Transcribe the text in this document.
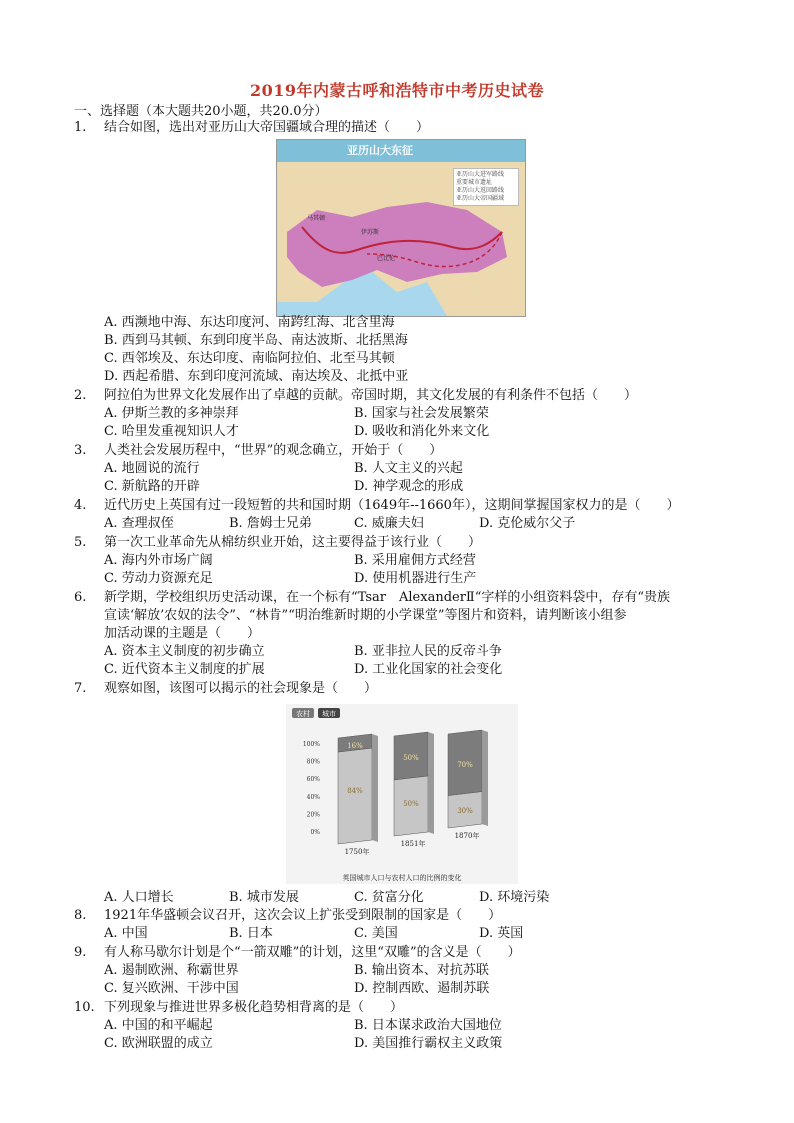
2019年内蒙古呼和浩特市中考历史试卷
一、选择题（本大题共20小题，共20.0分）
1. 结合如图，选出对亚历山大帝国疆域合理的描述（　　）
亚历山大东征
马其顿
伊苏斯
巴比伦
亚历山大进军路线
重要城市遗址
亚历山大返回路线
亚历山大帝国疆域
A. 西濒地中海、东达印度河、南跨红海、北含里海
B. 西到马其顿、东到印度半岛、南达波斯、北括黑海
C. 西邻埃及、东达印度、南临阿拉伯、北至马其顿
D. 西起希腊、东到印度河流域、南达埃及、北抵中亚
2. 阿拉伯为世界文化发展作出了卓越的贡献。帝国时期，其文化发展的有利条件不包括（　　）
A. 伊斯兰教的多神崇拜	B. 国家与社会发展繁荣
C. 哈里发重视知识人才	D. 吸收和消化外来文化
3. 人类社会发展历程中，“世界”的观念确立，开始于（　　）
A. 地圆说的流行	B. 人文主义的兴起
C. 新航路的开辟	D. 神学观念的形成
4. 近代历史上英国有过一段短暂的共和国时期（1649年--1660年），这期间掌握国家权力的是（　　）
A. 查理叔侄	B. 詹姆士兄弟	C. 威廉夫妇	D. 克伦威尔父子
5. 第一次工业革命先从棉纺织业开始，这主要得益于该行业（　　）
A. 海内外市场广阔	B. 采用雇佣方式经营
C. 劳动力资源充足	D. 使用机器进行生产
6. 新学期，学校组织历史活动课，在一个标有“Tsar　AlexanderⅡ“字样的小组资料袋中，存有“贵族
宣读‘解放’农奴的法令”、“林肯”“明治维新时期的小学课堂”等图片和资料，请判断该小组参
加活动课的主题是（　　）
A. 资本主义制度的初步确立	B. 亚非拉人民的反帝斗争
C. 近代资本主义制度的扩展	D. 工业化国家的社会变化
7. 观察如图，该图可以揭示的社会现象是（　　）
农村 城市
100%
80%
60%
40%
20%
0%
16%
84%
1750年
50%
50%
1851年
70%
30%
1870年
英国城市人口与农村人口的比例的变化
A. 人口增长	B. 城市发展	C. 贫富分化	D. 环境污染
8. 1921年华盛顿会议召开，这次会议上扩张受到限制的国家是（　　）
A. 中国	B. 日本	C. 美国	D. 英国
9. 有人称马歇尔计划是个“一箭双雕”的计划，这里“双雕”的含义是（　　）
A. 遏制欧洲、称霸世界	B. 输出资本、对抗苏联
C. 复兴欧洲、干涉中国	D. 控制西欧、遏制苏联
10. 下列现象与推进世界多极化趋势相背离的是（　　）
A. 中国的和平崛起	B. 日本谋求政治大国地位
C. 欧洲联盟的成立	D. 美国推行霸权主义政策
